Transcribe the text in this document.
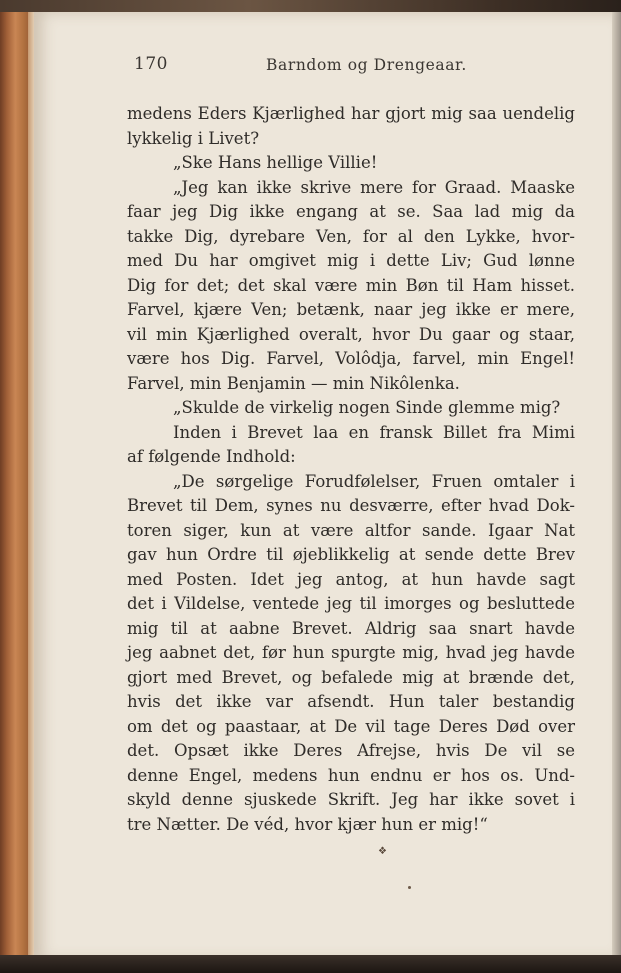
170	Barndom og Drengeaar.
medens Eders Kjærlighed har gjort mig saa uendelig
lykkelig i Livet?
„Ske Hans hellige Villie!
„Jeg kan ikke skrive mere for Graad. Maaske
faar jeg Dig ikke engang at se. Saa lad mig da
takke Dig, dyrebare Ven, for al den Lykke, hvor-
med Du har omgivet mig i dette Liv; Gud lønne
Dig for det; det skal være min Bøn til Ham hisset.
Farvel, kjære Ven; betænk, naar jeg ikke er mere,
vil min Kjærlighed overalt, hvor Du gaar og staar,
være hos Dig. Farvel, Volôdja, farvel, min Engel!
Farvel, min Benjamin — min Nikôlenka.
„Skulde de virkelig nogen Sinde glemme mig?
Inden i Brevet laa en fransk Billet fra Mimi
af følgende Indhold:
„De sørgelige Forudfølelser, Fruen omtaler i
Brevet til Dem, synes nu desværre, efter hvad Dok-
toren siger, kun at være altfor sande. Igaar Nat
gav hun Ordre til øjeblikkelig at sende dette Brev
med Posten. Idet jeg antog, at hun havde sagt
det i Vildelse, ventede jeg til imorges og besluttede
mig til at aabne Brevet. Aldrig saa snart havde
jeg aabnet det, før hun spurgte mig, hvad jeg havde
gjort med Brevet, og befalede mig at brænde det,
hvis det ikke var afsendt. Hun taler bestandig
om det og paastaar, at De vil tage Deres Død over
det. Opsæt ikke Deres Afrejse, hvis De vil se
denne Engel, medens hun endnu er hos os. Und-
skyld denne sjuskede Skrift. Jeg har ikke sovet i
tre Nætter. De véd, hvor kjær hun er mig!“
❖
